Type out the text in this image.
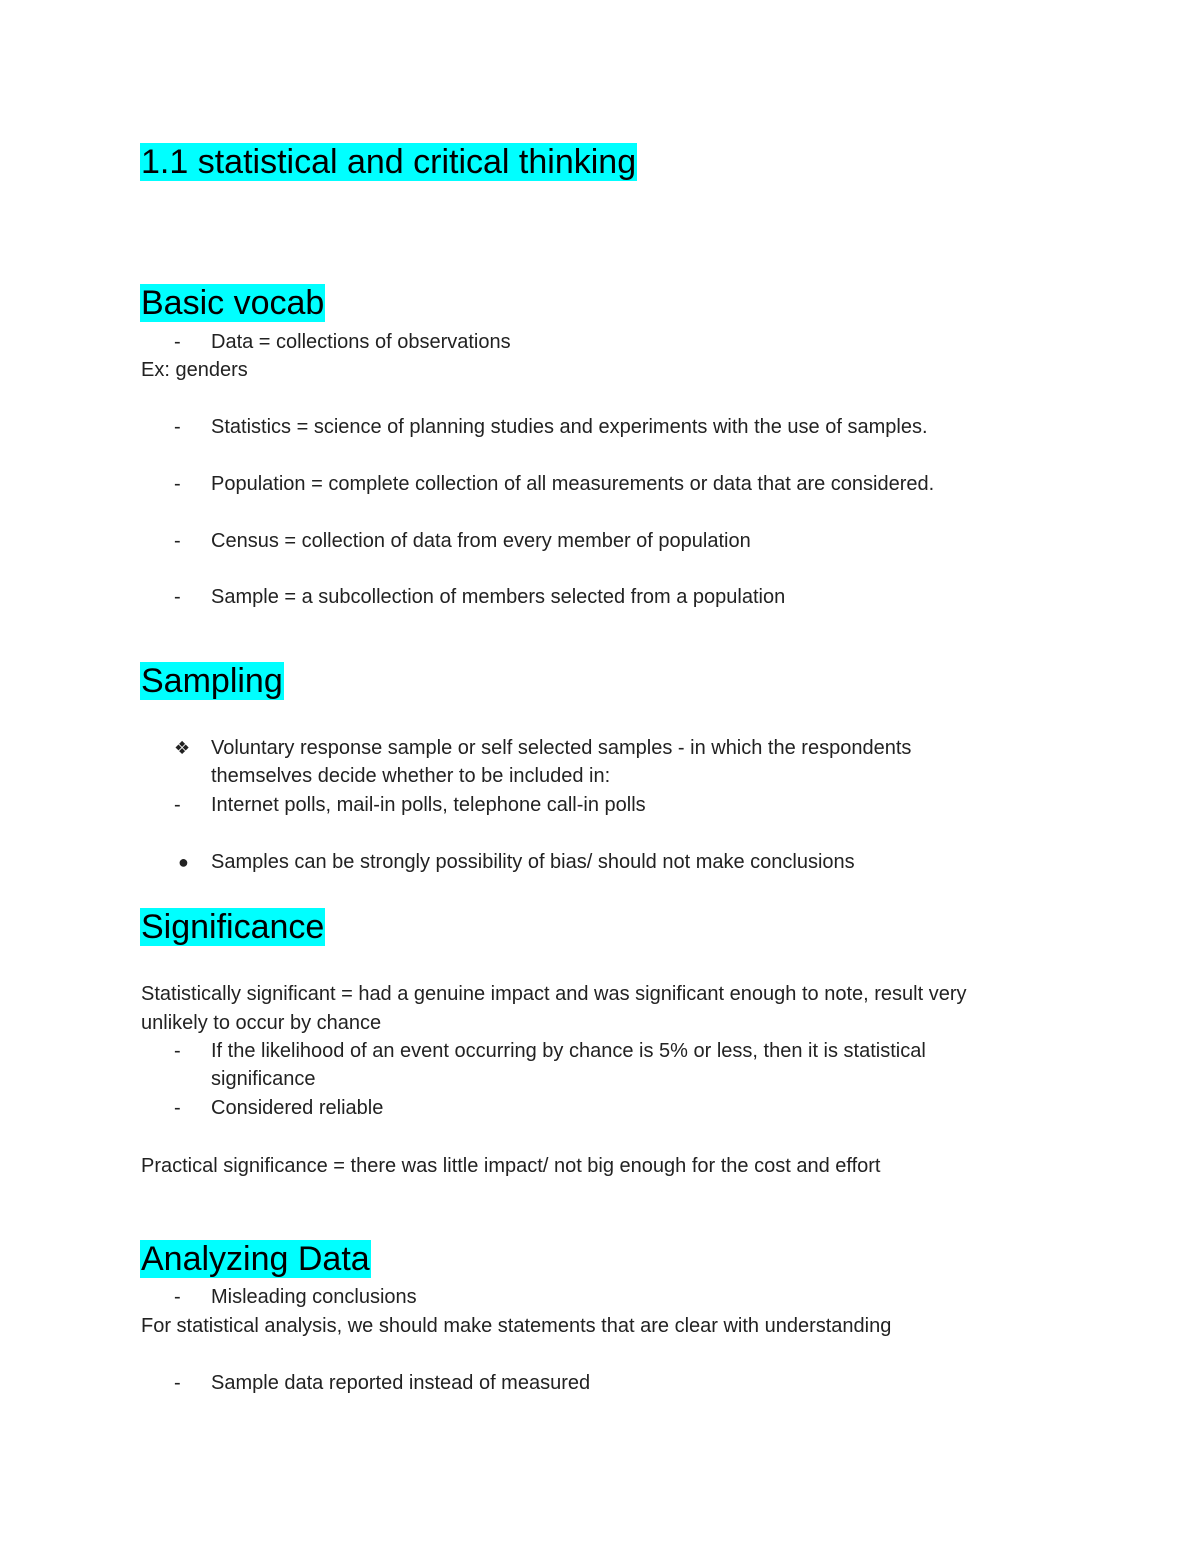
1.1 statistical and critical thinking
Basic vocab
- Data = collections of observations
Ex: genders
- Statistics = science of planning studies and experiments with the use of samples.
- Population = complete collection of all measurements or data that are considered.
- Census = collection of data from every member of population
- Sample = a subcollection of members selected from a population
Sampling
❖ Voluntary response sample or self selected samples - in which the respondents
themselves decide whether to be included in:
- Internet polls, mail-in polls, telephone call-in polls
● Samples can be strongly possibility of bias/ should not make conclusions
Significance
Statistically significant = had a genuine impact and was significant enough to note, result very
unlikely to occur by chance
- If the likelihood of an event occurring by chance is 5% or less, then it is statistical
significance
- Considered reliable
Practical significance = there was little impact/ not big enough for the cost and effort
Analyzing Data
- Misleading conclusions
For statistical analysis, we should make statements that are clear with understanding
- Sample data reported instead of measured
